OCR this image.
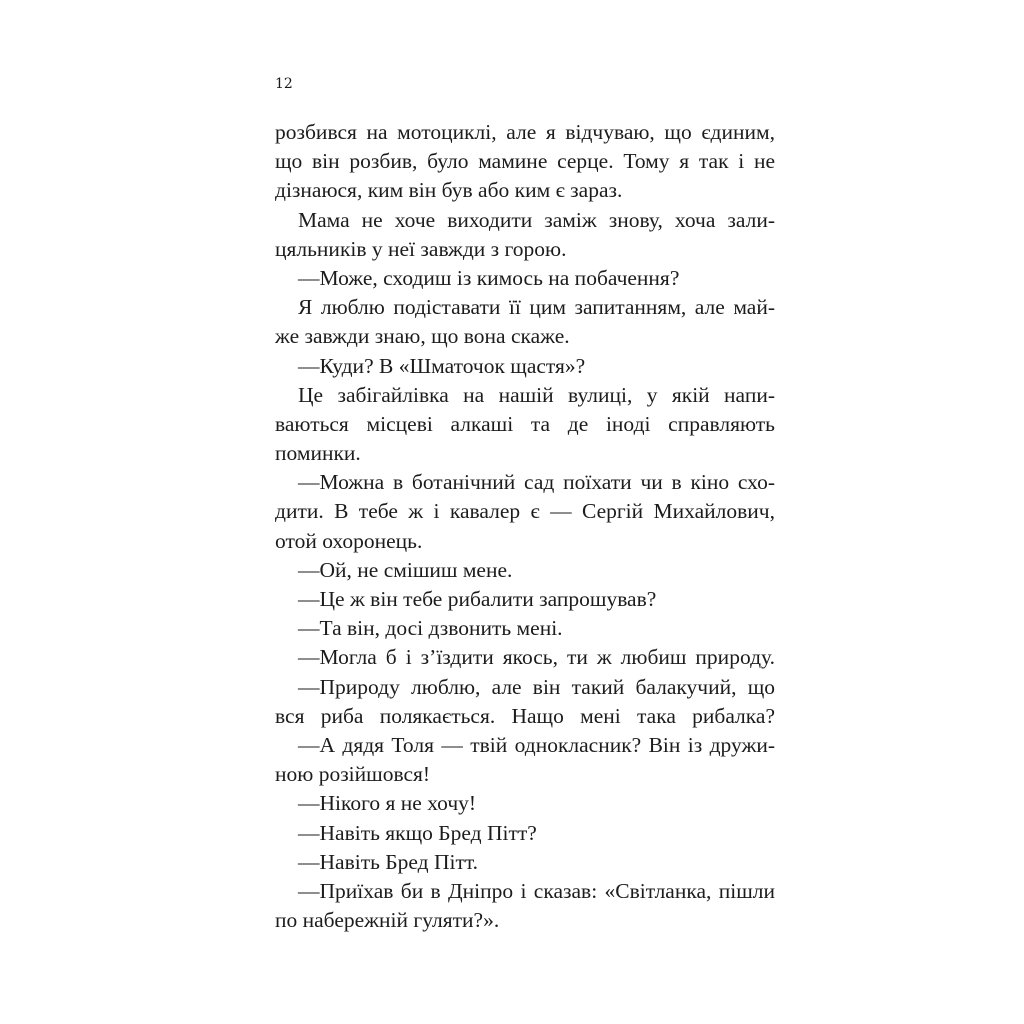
12
розбився на мотоциклі, але я відчуваю, що єдиним,
що він розбив, було мамине серце. Тому я так і не
дізнаюся, ким він був або ким є зараз.
Мама не хоче виходити заміж знову, хоча зали-
цяльників у неї завжди з горою.
—Може, сходиш із кимось на побачення?
Я люблю подіставати її цим запитанням, але май-
же завжди знаю, що вона скаже.
—Куди? В «Шматочок щастя»?
Це забігайлівка на нашій вулиці, у якій напи-
ваються місцеві алкаші та де іноді справляють
поминки.
—Можна в ботанічний сад поїхати чи в кіно схо-
дити. В тебе ж і кавалер є — Сергій Михайлович,
отой охоронець.
—Ой, не смішиш мене.
—Це ж він тебе рибалити запрошував?
—Та він, досі дзвонить мені.
—Могла б і з’їздити якось, ти ж любиш природу.
—Природу люблю, але він такий балакучий, що
вся риба полякається. Нащо мені така рибалка?
—А дядя Толя — твій однокласник? Він із дружи-
ною розійшовся!
—Нікого я не хочу!
—Навіть якщо Бред Пітт?
—Навіть Бред Пітт.
—Приїхав би в Дніпро і сказав: «Світланка, пішли
по набережній гуляти?».
